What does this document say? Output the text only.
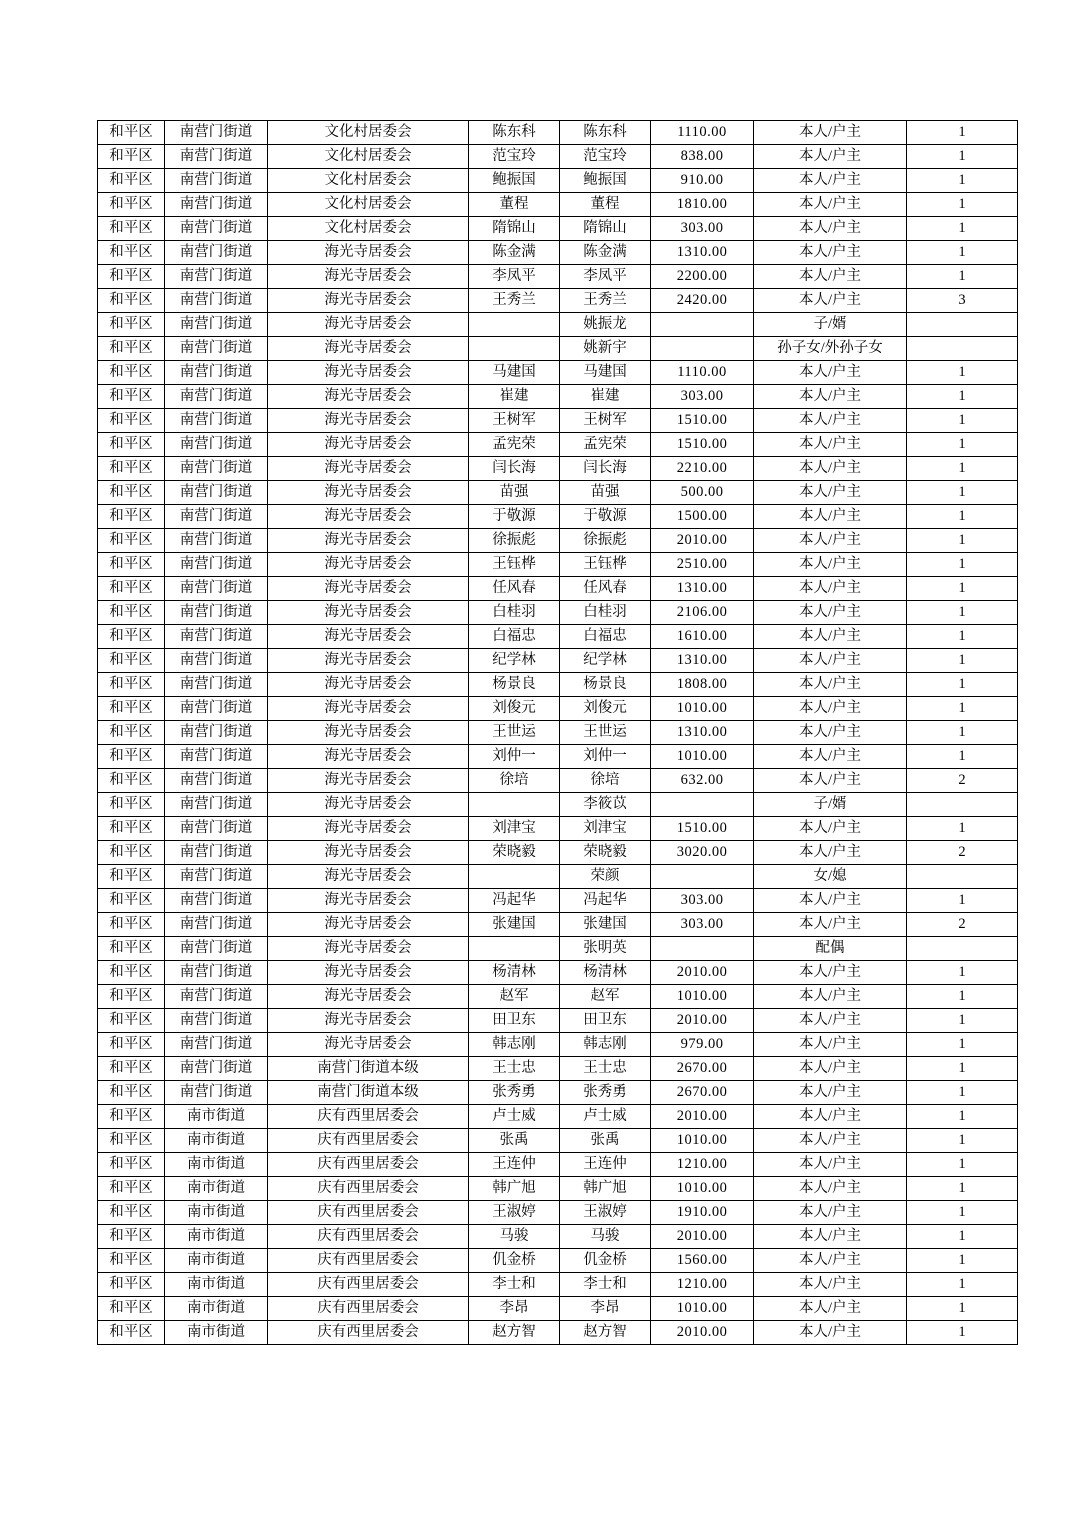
和平区	南营门街道	文化村居委会	陈东科	陈东科	1110.00	本人/户主	1
和平区	南营门街道	文化村居委会	范宝玲	范宝玲	838.00	本人/户主	1
和平区	南营门街道	文化村居委会	鲍振国	鲍振国	910.00	本人/户主	1
和平区	南营门街道	文化村居委会	董程	董程	1810.00	本人/户主	1
和平区	南营门街道	文化村居委会	隋锦山	隋锦山	303.00	本人/户主	1
和平区	南营门街道	海光寺居委会	陈金满	陈金满	1310.00	本人/户主	1
和平区	南营门街道	海光寺居委会	李凤平	李凤平	2200.00	本人/户主	1
和平区	南营门街道	海光寺居委会	王秀兰	王秀兰	2420.00	本人/户主	3
和平区	南营门街道	海光寺居委会		姚振龙		子/婿	
和平区	南营门街道	海光寺居委会		姚新宇		孙子女/外孙子女	
和平区	南营门街道	海光寺居委会	马建国	马建国	1110.00	本人/户主	1
和平区	南营门街道	海光寺居委会	崔建	崔建	303.00	本人/户主	1
和平区	南营门街道	海光寺居委会	王树军	王树军	1510.00	本人/户主	1
和平区	南营门街道	海光寺居委会	孟宪荣	孟宪荣	1510.00	本人/户主	1
和平区	南营门街道	海光寺居委会	闫长海	闫长海	2210.00	本人/户主	1
和平区	南营门街道	海光寺居委会	苗强	苗强	500.00	本人/户主	1
和平区	南营门街道	海光寺居委会	于敬源	于敬源	1500.00	本人/户主	1
和平区	南营门街道	海光寺居委会	徐振彪	徐振彪	2010.00	本人/户主	1
和平区	南营门街道	海光寺居委会	王钰桦	王钰桦	2510.00	本人/户主	1
和平区	南营门街道	海光寺居委会	任风春	任风春	1310.00	本人/户主	1
和平区	南营门街道	海光寺居委会	白桂羽	白桂羽	2106.00	本人/户主	1
和平区	南营门街道	海光寺居委会	白福忠	白福忠	1610.00	本人/户主	1
和平区	南营门街道	海光寺居委会	纪学林	纪学林	1310.00	本人/户主	1
和平区	南营门街道	海光寺居委会	杨景良	杨景良	1808.00	本人/户主	1
和平区	南营门街道	海光寺居委会	刘俊元	刘俊元	1010.00	本人/户主	1
和平区	南营门街道	海光寺居委会	王世运	王世运	1310.00	本人/户主	1
和平区	南营门街道	海光寺居委会	刘仲一	刘仲一	1010.00	本人/户主	1
和平区	南营门街道	海光寺居委会	徐培	徐培	632.00	本人/户主	2
和平区	南营门街道	海光寺居委会		李筱苡		子/婿	
和平区	南营门街道	海光寺居委会	刘津宝	刘津宝	1510.00	本人/户主	1
和平区	南营门街道	海光寺居委会	荣晓毅	荣晓毅	3020.00	本人/户主	2
和平区	南营门街道	海光寺居委会		荣颜		女/媳	
和平区	南营门街道	海光寺居委会	冯起华	冯起华	303.00	本人/户主	1
和平区	南营门街道	海光寺居委会	张建国	张建国	303.00	本人/户主	2
和平区	南营门街道	海光寺居委会		张明英		配偶	
和平区	南营门街道	海光寺居委会	杨清林	杨清林	2010.00	本人/户主	1
和平区	南营门街道	海光寺居委会	赵军	赵军	1010.00	本人/户主	1
和平区	南营门街道	海光寺居委会	田卫东	田卫东	2010.00	本人/户主	1
和平区	南营门街道	海光寺居委会	韩志刚	韩志刚	979.00	本人/户主	1
和平区	南营门街道	南营门街道本级	王士忠	王士忠	2670.00	本人/户主	1
和平区	南营门街道	南营门街道本级	张秀勇	张秀勇	2670.00	本人/户主	1
和平区	南市街道	庆有西里居委会	卢士威	卢士威	2010.00	本人/户主	1
和平区	南市街道	庆有西里居委会	张禹	张禹	1010.00	本人/户主	1
和平区	南市街道	庆有西里居委会	王连仲	王连仲	1210.00	本人/户主	1
和平区	南市街道	庆有西里居委会	韩广旭	韩广旭	1010.00	本人/户主	1
和平区	南市街道	庆有西里居委会	王淑婷	王淑婷	1910.00	本人/户主	1
和平区	南市街道	庆有西里居委会	马骏	马骏	2010.00	本人/户主	1
和平区	南市街道	庆有西里居委会	仉金桥	仉金桥	1560.00	本人/户主	1
和平区	南市街道	庆有西里居委会	李士和	李士和	1210.00	本人/户主	1
和平区	南市街道	庆有西里居委会	李昂	李昂	1010.00	本人/户主	1
和平区	南市街道	庆有西里居委会	赵方智	赵方智	2010.00	本人/户主	1
